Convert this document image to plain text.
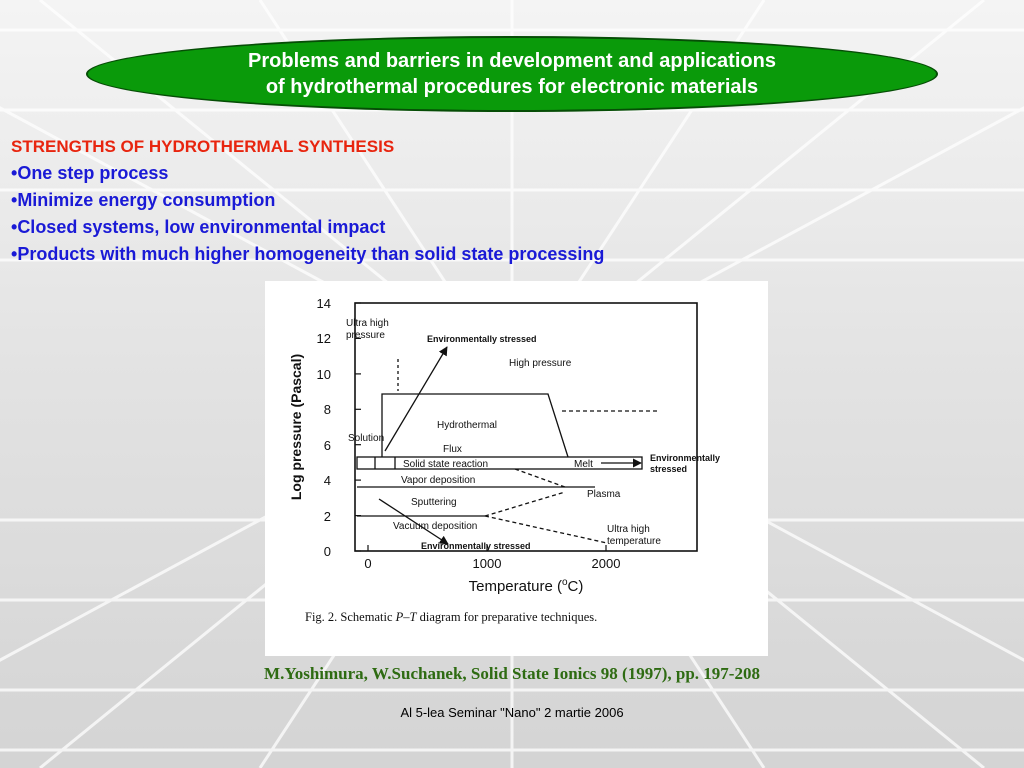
Problems and barriers in development and applications
of hydrothermal procedures for electronic materials
STRENGTHS OF HYDROTHERMAL SYNTHESIS
•One step process
•Minimize energy consumption
•Closed systems, low environmental impact
•Products with much higher homogeneity than solid state processing
0
2
4
6
8
10
12
14
0	1000	2000
Log pressure (Pascal)
Temperature ($^o$C)
Fig. 2. Schematic P–T diagram for preparative techniques.
Ultra high
pressure	Environmentally stressed
High pressure
Hydrothermal
Solution
Flux
Solid state reaction	Melt
Environmentally
stressed
Vapor deposition
Plasma
Sputtering
Vacuum deposition	Ultra high
temperature
Environmentally stressed
M.Yoshimura, W.Suchanek, Solid State Ionics 98 (1997), pp. 197-208
Al 5-lea Seminar "Nano" 2 martie 2006
